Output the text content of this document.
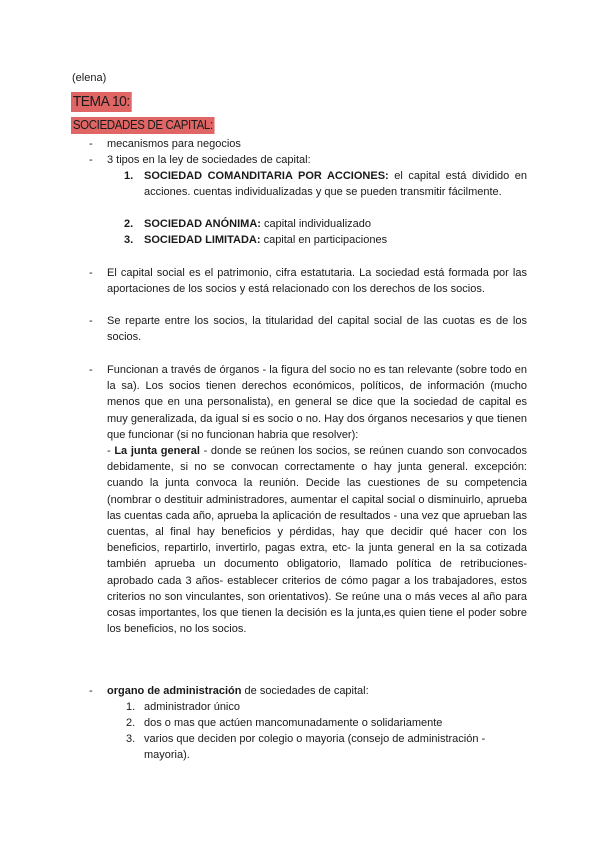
(elena)
TEMA 10:
SOCIEDADES DE CAPITAL:
- mecanismos para negocios
- 3 tipos en la ley de sociedades de capital:
1. SOCIEDAD COMANDITARIA POR ACCIONES: el capital está dividido en acciones. cuentas individualizadas y que se pueden transmitir fácilmente.
2. SOCIEDAD ANÓNIMA: capital individualizado
3. SOCIEDAD LIMITADA: capital en participaciones
- El capital social es el patrimonio, cifra estatutaria. La sociedad está formada por las aportaciones de los socios y está relacionado con los derechos de los socios.
- Se reparte entre los socios, la titularidad del capital social de las cuotas es de los socios.
- Funcionan a través de órganos - la figura del socio no es tan relevante (sobre todo en la sa). Los socios tienen derechos económicos, políticos, de información (mucho menos que en una personalista), en general se dice que la sociedad de capital es muy generalizada, da igual si es socio o no. Hay dos órganos necesarios y que tienen que funcionar (si no funcionan habria que resolver):
- La junta general - donde se reúnen los socios, se reúnen cuando son convocados debidamente, si no se convocan correctamente o hay junta general. excepción: cuando la junta convoca la reunión. Decide las cuestiones de su competencia (nombrar o destituir administradores, aumentar el capital social o disminuirlo, aprueba las cuentas cada año, aprueba la aplicación de resultados - una vez que aprueban las cuentas, al final hay beneficios y pérdidas, hay que decidir qué hacer con los beneficios, repartirlo, invertirlo, pagas extra, etc- la junta general en la sa cotizada también aprueba un documento obligatorio, llamado política de retribuciones- aprobado cada 3 años- establecer criterios de cómo pagar a los trabajadores, estos criterios no son vinculantes, son orientativos). Se reúne una o más veces al año para cosas importantes, los que tienen la decisión es la junta,es quien tiene el poder sobre los beneficios, no los socios.
- organo de administración de sociedades de capital:
1. administrador único
2. dos o mas que actúen mancomunadamente o solidariamente
3. varios que deciden por colegio o mayoria (consejo de administración - mayoria).
